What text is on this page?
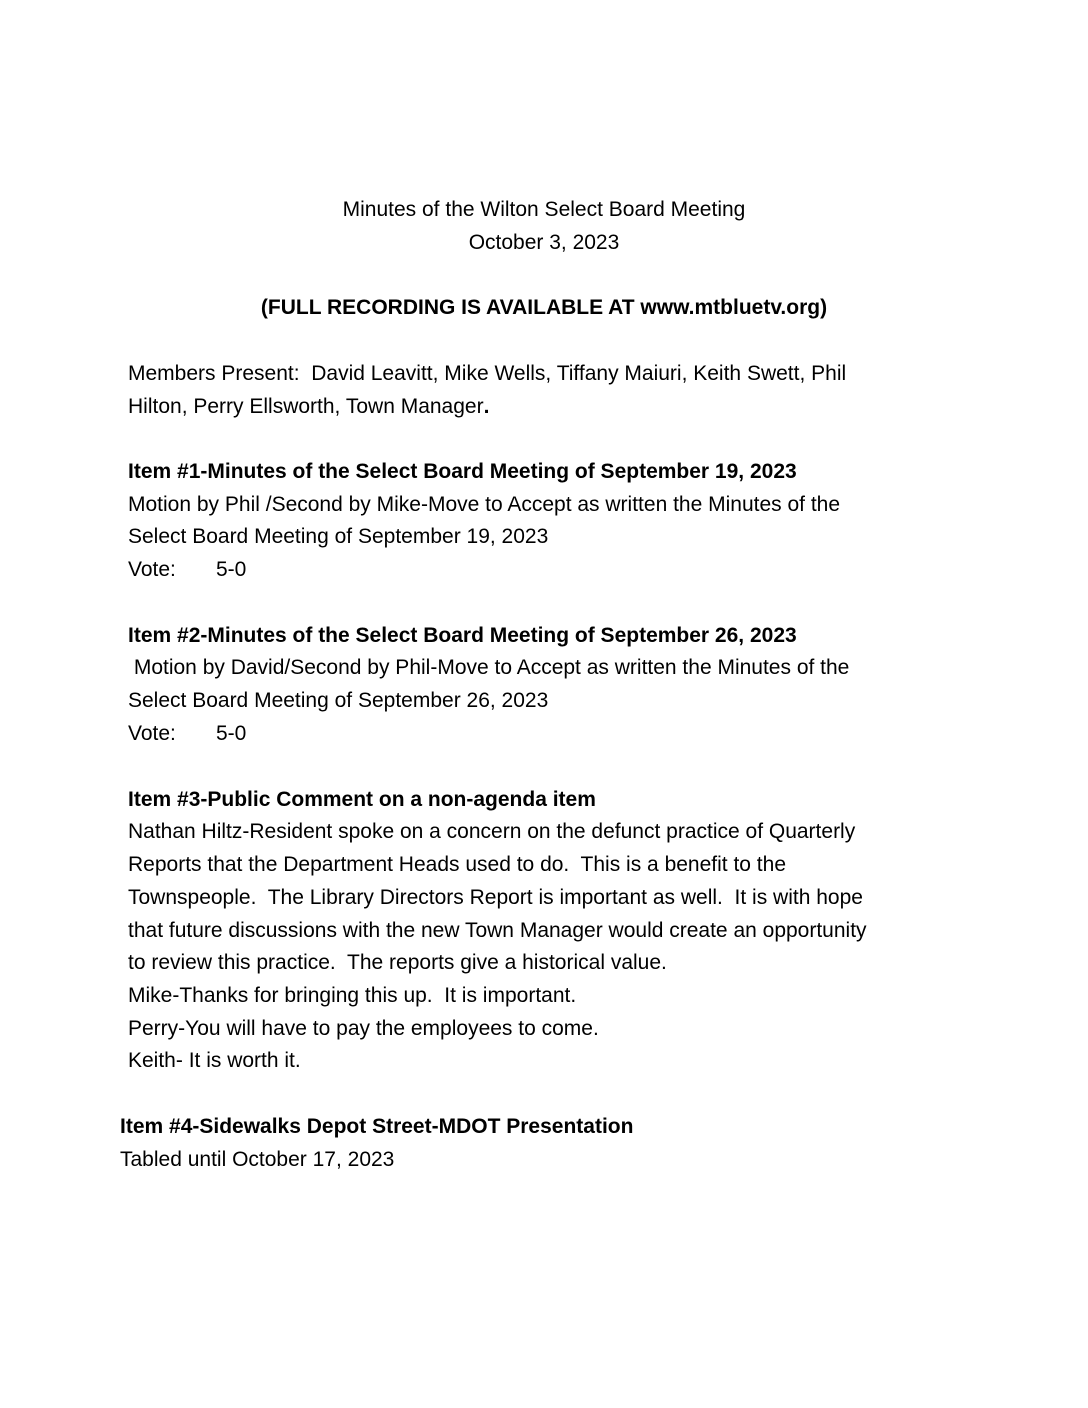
Minutes of the Wilton Select Board Meeting
October 3, 2023
(FULL RECORDING IS AVAILABLE AT www.mtbluetv.org)
Members Present:  David Leavitt, Mike Wells, Tiffany Maiuri, Keith Swett, Phil
Hilton, Perry Ellsworth, Town Manager.
Item #1-Minutes of the Select Board Meeting of September 19, 2023
Motion by Phil /Second by Mike-Move to Accept as written the Minutes of the
Select Board Meeting of September 19, 2023
Vote: 5-0
Item #2-Minutes of the Select Board Meeting of September 26, 2023
Motion by David/Second by Phil-Move to Accept as written the Minutes of the
Select Board Meeting of September 26, 2023
Vote: 5-0
Item #3-Public Comment on a non-agenda item
Nathan Hiltz-Resident spoke on a concern on the defunct practice of Quarterly
Reports that the Department Heads used to do.  This is a benefit to the
Townspeople.  The Library Directors Report is important as well.  It is with hope
that future discussions with the new Town Manager would create an opportunity
to review this practice.  The reports give a historical value.
Mike-Thanks for bringing this up.  It is important.
Perry-You will have to pay the employees to come.
Keith- It is worth it.
Item #4-Sidewalks Depot Street-MDOT Presentation
Tabled until October 17, 2023
